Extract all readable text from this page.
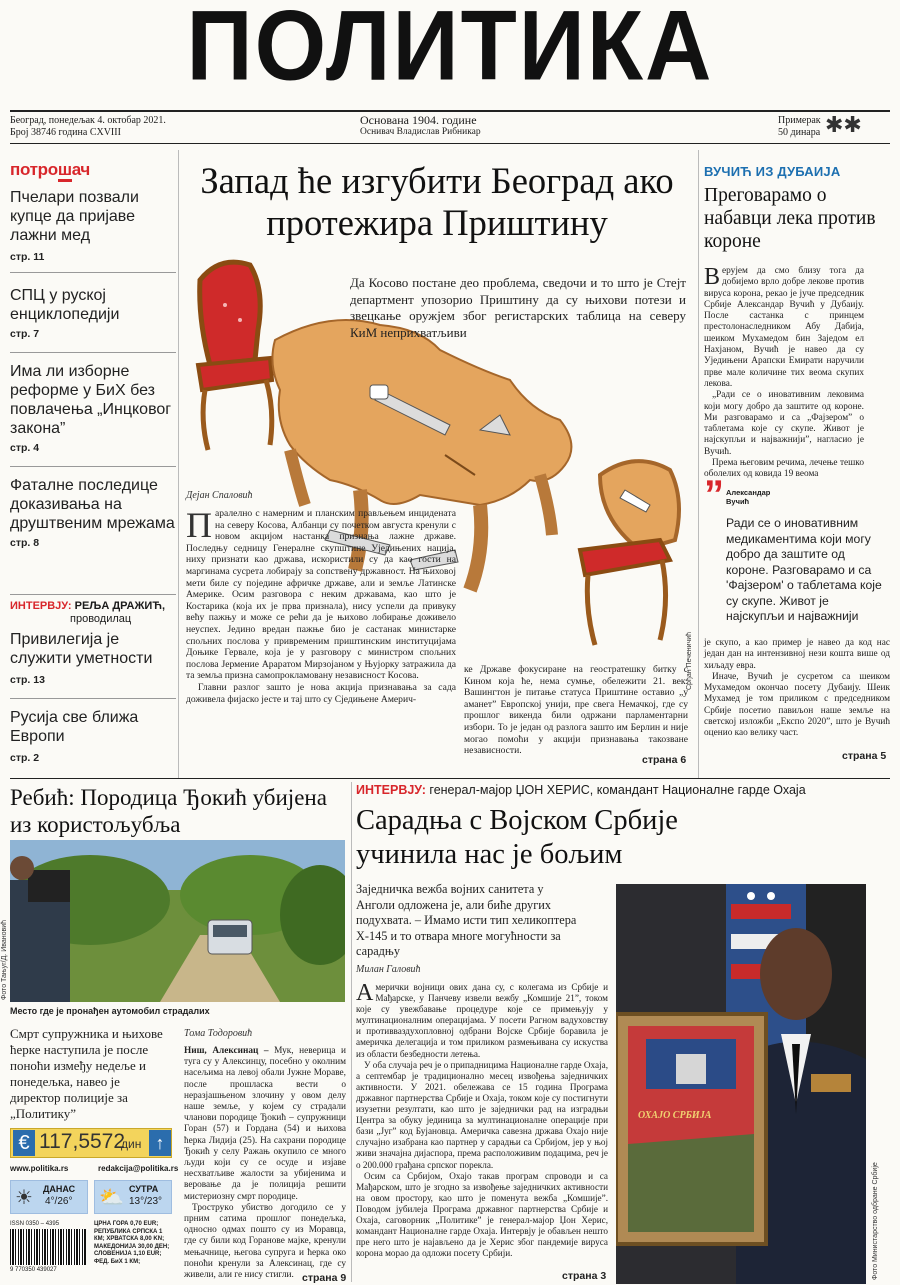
ПОЛИТИКА
Београд, понедељак 4. октобар 2021.
Број 38746 година CXVIII
Основана 1904. године
Оснивач Владислав Рибникар
Примерак
50 динара ✱✱
потрошач
Пчелари позвали купце да пријаве лажни мед
стр. 11
СПЦ у руској енциклопедији
стр. 7
Има ли изборне реформе у БиХ без повлачења „Инцковог закона”
стр. 4
Фаталне последице доказивања на друштвеним мрежама
стр. 8
ИНТЕРВЈУ: РЕЉА ДРАЖИЋ,
проводилац
Привилегија је служити уметности
стр. 13
Русија све ближа Европи
стр. 2
Запад ће изгубити Београд ако протежира Приштину
Да Косово постане део проблема, сведочи и то што је Стејт департмент упозорио Приштину да су њихови потези и звецкање оружјем због регистарских таблица на северу КиМ неприхватљиви
Дејан Спаловић
Паралелно с намерним и планским прављењем инцидената на северу Косова, Албанци су почетком августа кренули с новом акцијом настанка признања лажне државе. Последњу седницу Генералне скупштине Уједињених нација, ниху признати као држава, искористили су да као гости на маргинама сусрета лобирају за сопствену државност. На њиховој мети биле су поједине афричке државе, али и земље Латинске Америке. Осим разговора с неким државама, као што је Костарика (која их је прва признала), нису успели да привуку већу пажњу и може се рећи да је њихово лобирање доживело неуспех. Једино вредан пажње био је састанак министарке спољних послова у привременим приштинским институцијама Доњике Гервале, која је у разговору с министром спољних послова Јермение Араратом Мирзојаном у Њујорку затражила да та земља призна самопрокламовану независност Косова.
Главни разлог зашто је нова акција признавања за сада доживела фијаско јесте и тај што су Сједињене Америч-
ке Државе фокусиране на геостратешку битку с Кином која ће, нема сумње, обележити 21. век. Вашингтон је питање статуса Приштине оставио „у аманет” Европској унији, пре свега Немачкој, где су прошлог викенда били одржани парламентарни избори. То је један од разлога зашто им Берлин и није могао помоћи у акцији признавања такозване независности.
страна 6
Срђан Печеничић
ВУЧИЋ ИЗ ДУБАИЈА
Преговарамо о набавци лека против короне
Верујем да смо близу тога да добијемо врло добре лекове против вируса корона, рекао је јуче председник Србије Александар Вучић у Дубаију. После састанка с принцем престолонаследником Абу Дабија, шеиком Мухамедом бин Заједом ел Нахјаном, Вучић је навео да су Уједињени Арапски Емирати наручили прве мале количине тих веома скупих лекова.
„Ради се о иновативним лековима који могу добро да заштите од короне. Ми разговарамо и са „Фајзером” о таблетама које су скупе. Живот је најскупљи и најважнији”, нагласио је Вучић.
Према његовим речима, лечење тешко оболелих од ковида 19 веома
” Александар Вучић
Ради се о иновативним медикаментима који могу добро да заштите од короне. Разговарамо и са 'Фајзером' о таблетама које су скупе. Живот је најскупљи и најважнији
је скупо, а као пример је навео да код нас један дан на интензивној нези кошта више од хиљаду евра.
Иначе, Вучић је сусретом са шеиком Мухамедом окончао посету Дубаију. Шеик Мухамед је том приликом с председником Србије посетио павиљон наше земље на светској изложби „Експо 2020”, што је Вучић оценио као велику част.
страна 5
Ребић: Породица Ђокић убијена из користољубља
Фото Тањуг/Д. Ивановић
Место где је пронађен аутомобил страдалих
Смрт супружника и њихове ћерке наступила је после поноћи између недеље и понедељка, навео је директор полиције за „Политику”
Тома Тодоровић
Ниш, Алексинац – Мук, неверица и туга су у Алексинцу, посебно у околним насељима на левој обали Јужне Мораве, после прошласка вести о неразјашњеном злочину у овом делу наше земље, у којем су страдали чланови породице Ђокић – супружници Горан (57) и Гордана (54) и њихова ћерка Лидија (25). На сахрани породице Ђокић у селу Ражањ окупило се много људи који су се осуде и изјаве несхватљиве жалости за убијенима и веровање да је полиција решити мистериозну смрт породице.
Трострукo убиство догодило се у прним сатима прошлог понедељка, односно одмах пошто су из Моравца, где су били код Горанове мајке, кренули мењачнице, његова супруга и ћерка око поноћи кренули за Алексинац, где су живели, али ге нису стигли. страна 9
€ 117,5572
дин ↑
www.politika.rs	redakcija@politika.rs
☀ ДАНАС
4°/26° ⛅ СУТРА
13°/23°
ISSN 0350 – 4395
9 770350 439027
ЦРНА ГОРА 0,70 EUR; РЕПУБЛИКА СРПСКА 1 КМ; ХРВАТСКА 8,00 KN; МАКЕДОНИЈА 30,00 ДЕН; СЛОВЕНИЈА 1,10 EUR; ФЕД. БиХ 1 КМ;
ИНТЕРВЈУ: генерал-мајор ЏОН ХЕРИС, командант Националне гарде Охаја
Сарадња с Војском Србије учинила нас је бољим
Заједничка вежба војних санитета у Анголи одложена је, али биће других подухвата. – Имамо исти тип хеликоптера Х-145 и то отвара многе могућности за сарадњу
Милан Галовић
Амерички војници ових дана су, с колегама из Србије и Мађарске, у Панчеву извели вежбу „Комшије 21”, током које су увежбавање процедуре које се примењују у мултинационалним операцијама. У посети Рагном вадуховству и противваздухопловној одбрани Војске Србије боравила је америчка делегација и том приликом размењивана су искуства из области безбедности летења.
У оба случаја реч је о припадницима Националне гарде Охаја, а септембар је традиционално месец извођења заједничких активности. У 2021. обележава се 15 година Програма државног партнерства Србије и Охаја, током које су постигнути изузетни резултати, као што је заједнички рад на изградњи Центра за обуку јединица за мултинационалне операције при бази „Југ” код Бујановца. Америчка савезна држава Охајо није случајно изабрана као партнер у сарадњи са Србијом, јер у њој живи значајна дијаспора, према расположивим подацима, реч је о 200.000 грађана српског порекла.
Осим са Србијом, Охајо такав програм спроводи и са Мађарском, што је згодно за извођење заједничких активности на овом простору, као што је поменута вежба „Комшије”. Поводом јубилеја Програма државног партнерства Србије и Охаја, саговорник „Политике” је генерал-мајор Џон Херис, командант Националне гарде Охаја. Интервју је обављен нешто пре него што је најављено да је Херис због пандемије вируса корона морао да одложи посету Србији.
страна 3
ОХАЈО СРБИЈА
Фото Министарство одбране Србије
